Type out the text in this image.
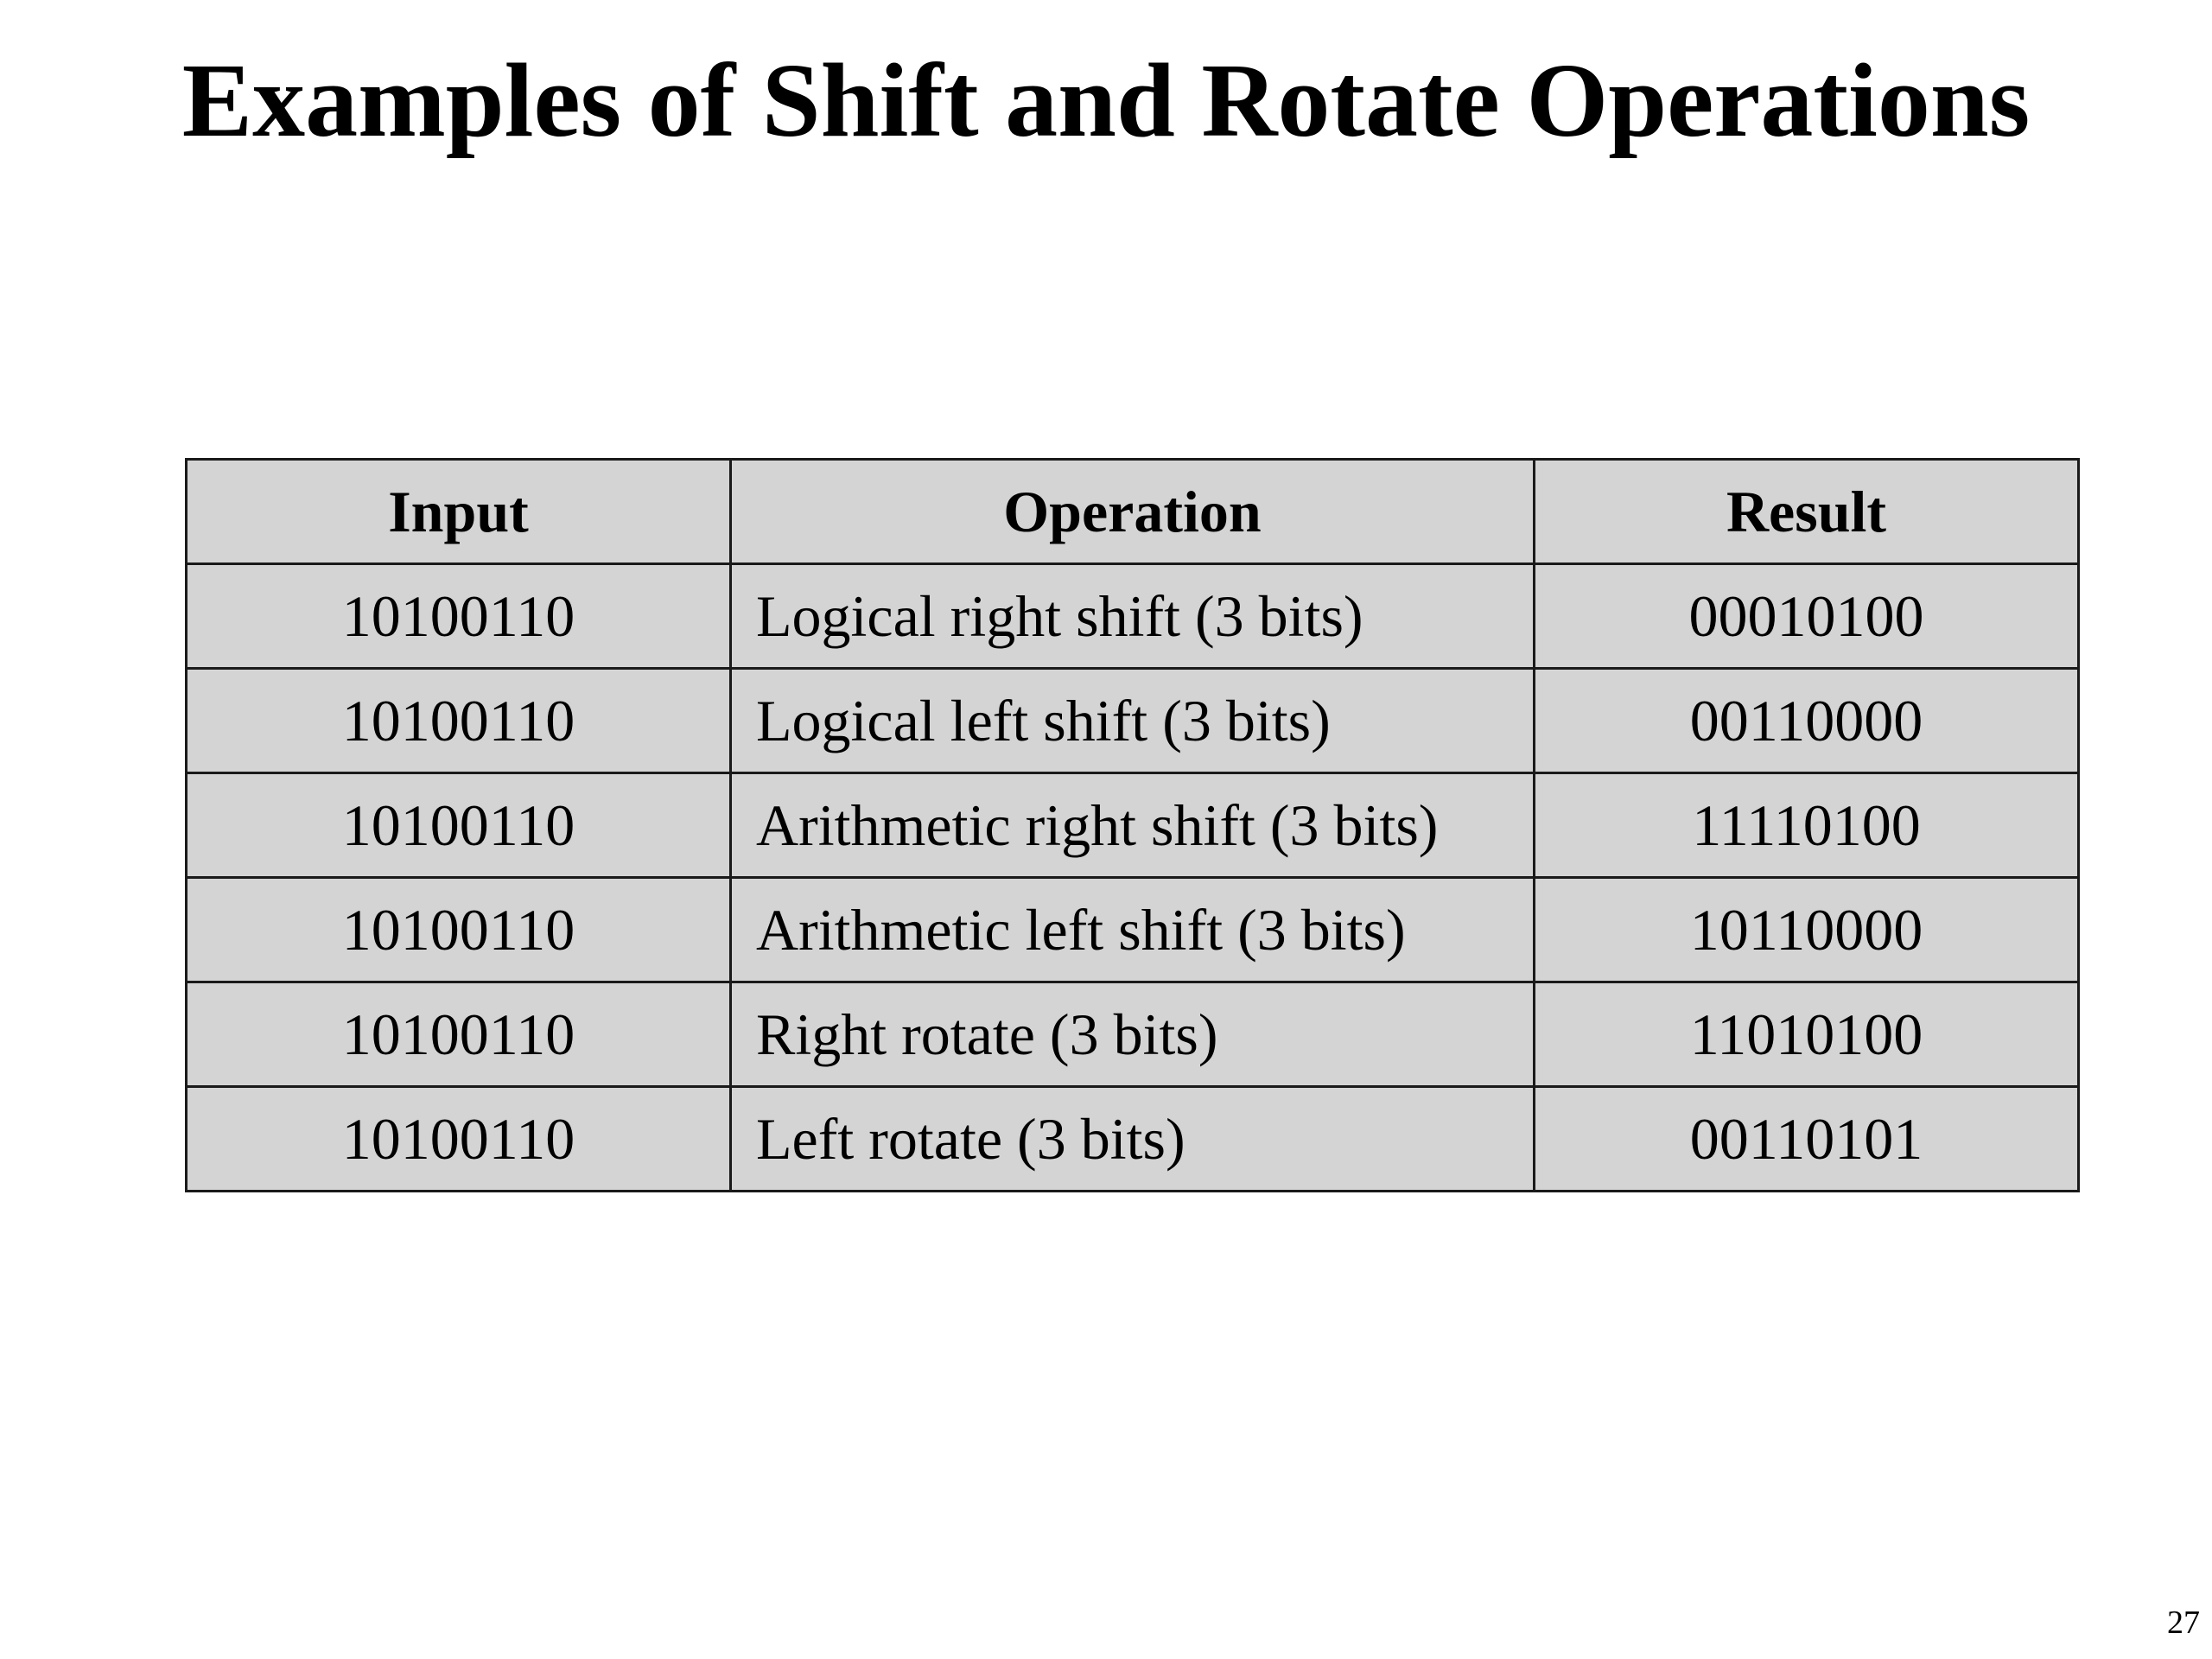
Examples of Shift and Rotate Operations
Input	Operation	Result
10100110	Logical right shift (3 bits)	00010100
10100110	Logical left shift (3 bits)	00110000
10100110	Arithmetic right shift (3 bits)	11110100
10100110	Arithmetic left shift (3 bits)	10110000
10100110	Right rotate (3 bits)	11010100
10100110	Left rotate (3 bits)	00110101
27
